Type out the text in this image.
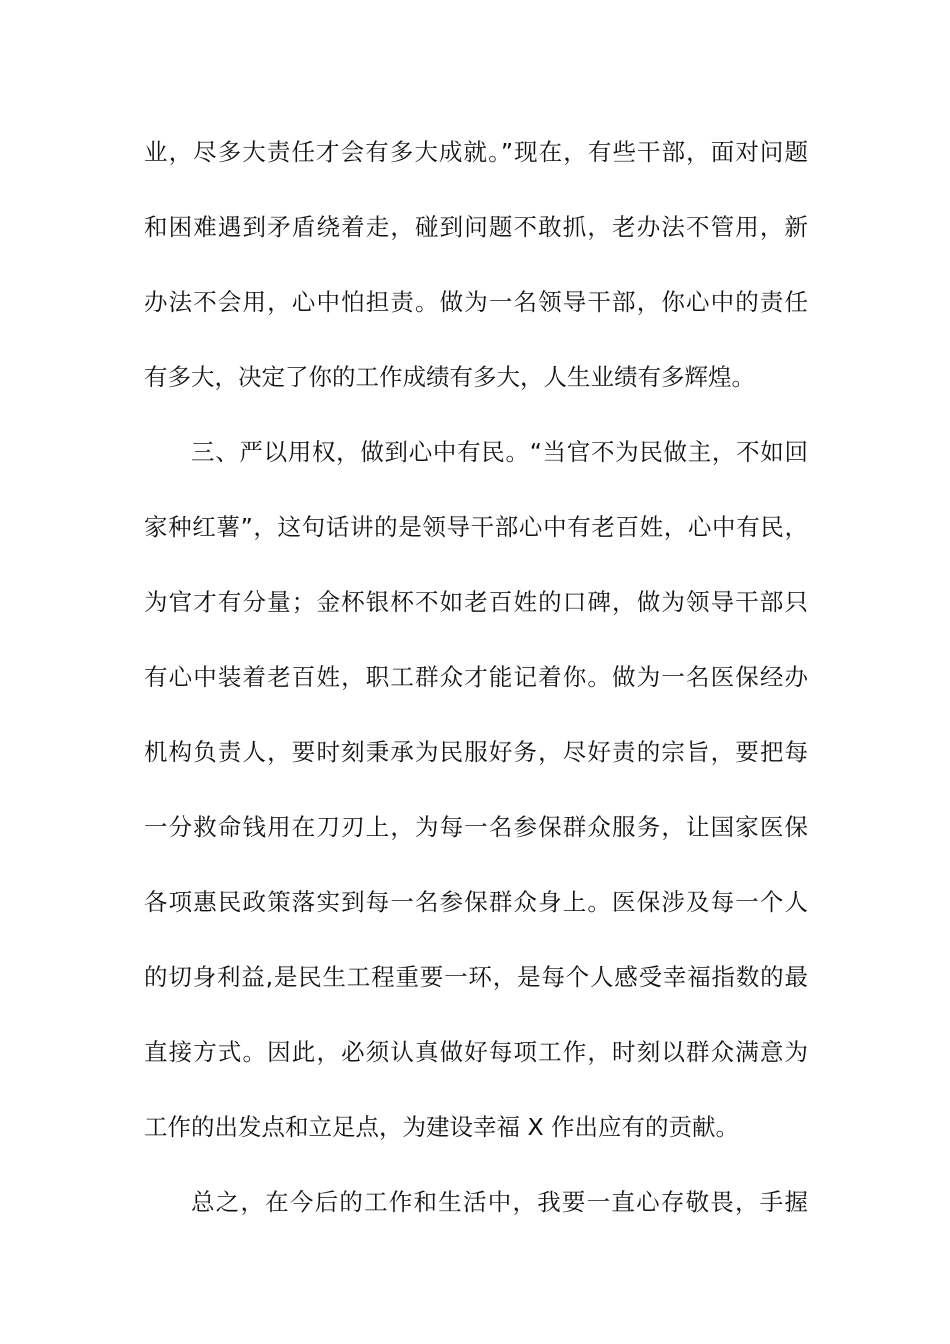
业，尽多大责任才会有多大成就。”现在，有些干部，面对问题
和困难遇到矛盾绕着走，碰到问题不敢抓，老办法不管用，新
办法不会用，心中怕担责。做为一名领导干部，你心中的责任
有多大，决定了你的工作成绩有多大，人生业绩有多辉煌。
三、严以用权，做到心中有民。“当官不为民做主，不如回
家种红薯”，这句话讲的是领导干部心中有老百姓，心中有民，
为官才有分量；金杯银杯不如老百姓的口碑，做为领导干部只
有心中装着老百姓，职工群众才能记着你。做为一名医保经办
机构负责人，要时刻秉承为民服好务，尽好责的宗旨，要把每
一分救命钱用在刀刃上，为每一名参保群众服务，让国家医保
各项惠民政策落实到每一名参保群众身上。医保涉及每一个人
的切身利益,是民生工程重要一环，是每个人感受幸福指数的最
直接方式。因此，必须认真做好每项工作，时刻以群众满意为
工作的出发点和立足点，为建设幸福 X 作出应有的贡献。
总之，在今后的工作和生活中，我要一直心存敬畏，手握
